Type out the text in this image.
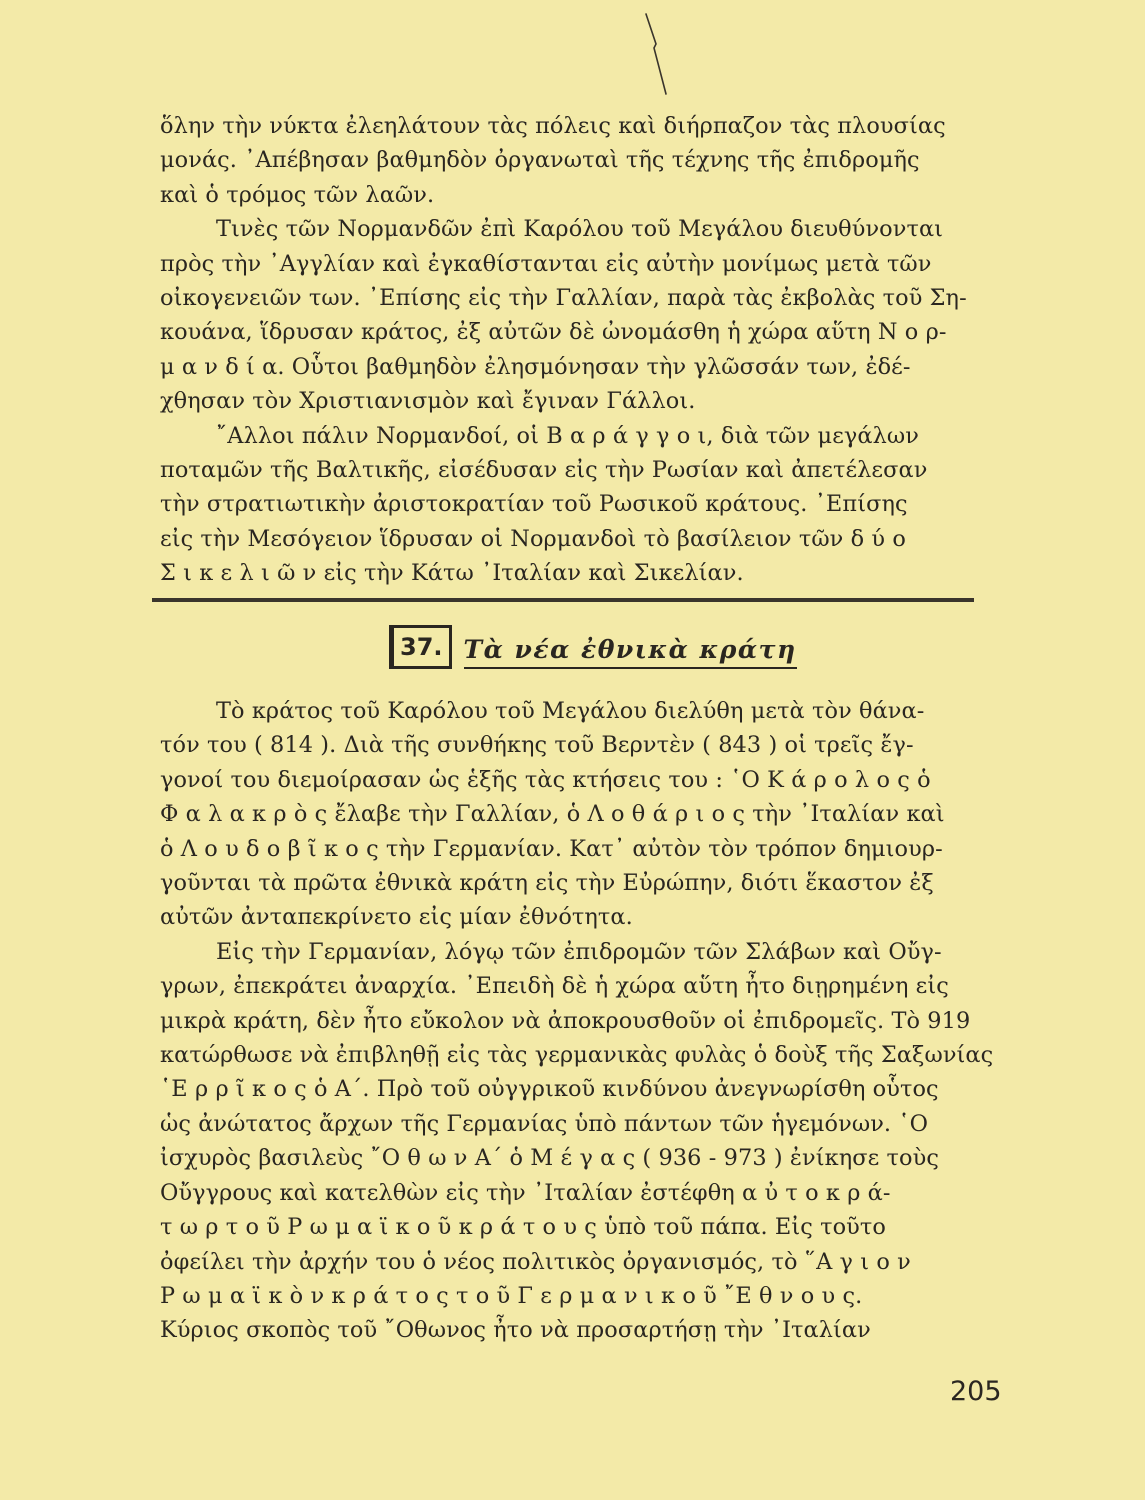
ὅλην τὴν νύκτα ἐλεηλάτουν τὰς πόλεις καὶ διήρπαζον τὰς πλουσίας
μονάς. ᾿Απέβησαν βαθμηδὸν ὀργανωταὶ τῆς τέχνης τῆς ἐπιδρομῆς
καὶ ὁ τρόμος τῶν λαῶν.

Τινὲς τῶν Νορμανδῶν ἐπὶ Καρόλου τοῦ Μεγάλου διευθύνονται
πρὸς τὴν ᾿Αγγλίαν καὶ ἐγκαθίστανται εἰς αὐτὴν μονίμως μετὰ τῶν
οἰκογενειῶν των. ᾿Επίσης εἰς τὴν Γαλλίαν, παρὰ τὰς ἐκβολὰς τοῦ Ση-
κουάνα, ἵδρυσαν κράτος, ἐξ αὐτῶν δὲ ὠνομάσθη ἡ χώρα αὕτη Ν ο ρ-
μ α ν δ ί α. Οὗτοι βαθμηδὸν ἐλησμόνησαν τὴν γλῶσσάν των, ἐδέ-
χθησαν τὸν Χριστιανισμὸν καὶ ἔγιναν Γάλλοι.

῎Αλλοι πάλιν Νορμανδοί, οἱ Β α ρ ά γ γ ο ι, διὰ τῶν μεγάλων
ποταμῶν τῆς Βαλτικῆς, εἰσέδυσαν εἰς τὴν Ρωσίαν καὶ ἀπετέλεσαν
τὴν στρατιωτικὴν ἀριστοκρατίαν τοῦ Ρωσικοῦ κράτους. ᾿Επίσης
εἰς τὴν Μεσόγειον ἵδρυσαν οἱ Νορμανδοὶ τὸ βασίλειον τῶν δ ύ ο
Σ ι κ ε λ ι ῶ ν εἰς τὴν Κάτω ᾿Ιταλίαν καὶ Σικελίαν.

37. Τὰ νέα ἐθνικὰ κράτη

Τὸ κράτος τοῦ Καρόλου τοῦ Μεγάλου διελύθη μετὰ τὸν θάνα-
τόν του ( 814 ). Διὰ τῆς συνθήκης τοῦ Βερντὲν ( 843 ) οἱ τρεῖς ἔγ-
γονοί του διεμοίρασαν ὡς ἑξῆς τὰς κτήσεις του : ῾Ο Κ ά ρ ο λ ο ς ὁ
Φ α λ α κ ρ ὸ ς ἔλαβε τὴν Γαλλίαν, ὁ Λ ο θ ά ρ ι ο ς τὴν ᾿Ιταλίαν καὶ
ὁ Λ ο υ δ ο β ῖ κ ο ς τὴν Γερμανίαν. Κατ᾿ αὐτὸν τὸν τρόπον δημιουρ-
γοῦνται τὰ πρῶτα ἐθνικὰ κράτη εἰς τὴν Εὐρώπην, διότι ἕκαστον ἐξ
αὐτῶν ἀνταπεκρίνετο εἰς μίαν ἐθνότητα.

Εἰς τὴν Γερμανίαν, λόγῳ τῶν ἐπιδρομῶν τῶν Σλάβων καὶ Οὔγ-
γρων, ἐπεκράτει ἀναρχία. ᾿Επειδὴ δὲ ἡ χώρα αὕτη ἦτο διῃρημένη εἰς
μικρὰ κράτη, δὲν ἦτο εὔκολον νὰ ἀποκρουσθοῦν οἱ ἐπιδρομεῖς. Τὸ 919
κατώρθωσε νὰ ἐπιβληθῇ εἰς τὰς γερμανικὰς φυλὰς ὁ δοὺξ τῆς Σαξωνίας
῾Ε ρ ρ ῖ κ ο ς ὁ Α΄. Πρὸ τοῦ οὐγγρικοῦ κινδύνου ἀνεγνωρίσθη οὗτος
ὡς ἀνώτατος ἄρχων τῆς Γερμανίας ὑπὸ πάντων τῶν ἡγεμόνων. ῾Ο
ἰσχυρὸς βασιλεὺς ῎Ο θ ω ν Α΄ ὁ Μ έ γ α ς ( 936 - 973 ) ἐνίκησε τοὺς
Οὔγγρους καὶ κατελθὼν εἰς τὴν ᾿Ιταλίαν ἐστέφθη α ὐ τ ο κ ρ ά-
τ ω ρ τ ο ῦ Ρ ω μ α ϊ κ ο ῦ κ ρ ά τ ο υ ς ὑπὸ τοῦ πάπα. Εἰς τοῦτο
ὀφείλει τὴν ἀρχήν του ὁ νέος πολιτικὸς ὀργανισμός, τὸ ῞Α γ ι ο ν
Ρ ω μ α ϊ κ ὸ ν κ ρ ά τ ο ς τ ο ῦ Γ ε ρ μ α ν ι κ ο ῦ ῎Ε θ ν ο υ ς.
Κύριος σκοπὸς τοῦ ῎Οθωνος ἦτο νὰ προσαρτήσῃ τὴν ᾿Ιταλίαν

205
